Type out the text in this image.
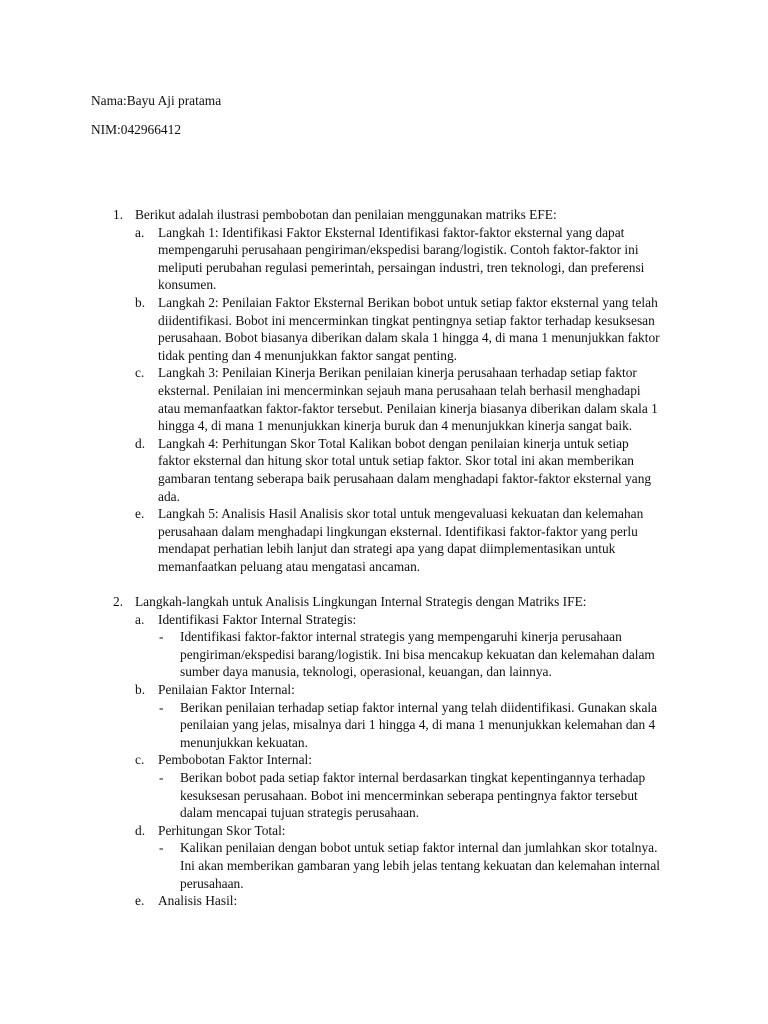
Nama:Bayu Aji pratama
NIM:042966412
1. Berikut adalah ilustrasi pembobotan dan penilaian menggunakan matriks EFE:
a. Langkah 1: Identifikasi Faktor Eksternal Identifikasi faktor-faktor eksternal yang dapat
mempengaruhi perusahaan pengiriman/ekspedisi barang/logistik. Contoh faktor-faktor ini
meliputi perubahan regulasi pemerintah, persaingan industri, tren teknologi, dan preferensi
konsumen.
b. Langkah 2: Penilaian Faktor Eksternal Berikan bobot untuk setiap faktor eksternal yang telah
diidentifikasi. Bobot ini mencerminkan tingkat pentingnya setiap faktor terhadap kesuksesan
perusahaan. Bobot biasanya diberikan dalam skala 1 hingga 4, di mana 1 menunjukkan faktor
tidak penting dan 4 menunjukkan faktor sangat penting.
c. Langkah 3: Penilaian Kinerja Berikan penilaian kinerja perusahaan terhadap setiap faktor
eksternal. Penilaian ini mencerminkan sejauh mana perusahaan telah berhasil menghadapi
atau memanfaatkan faktor-faktor tersebut. Penilaian kinerja biasanya diberikan dalam skala 1
hingga 4, di mana 1 menunjukkan kinerja buruk dan 4 menunjukkan kinerja sangat baik.
d. Langkah 4: Perhitungan Skor Total Kalikan bobot dengan penilaian kinerja untuk setiap
faktor eksternal dan hitung skor total untuk setiap faktor. Skor total ini akan memberikan
gambaran tentang seberapa baik perusahaan dalam menghadapi faktor-faktor eksternal yang
ada.
e. Langkah 5: Analisis Hasil Analisis skor total untuk mengevaluasi kekuatan dan kelemahan
perusahaan dalam menghadapi lingkungan eksternal. Identifikasi faktor-faktor yang perlu
mendapat perhatian lebih lanjut dan strategi apa yang dapat diimplementasikan untuk
memanfaatkan peluang atau mengatasi ancaman.
2. Langkah-langkah untuk Analisis Lingkungan Internal Strategis dengan Matriks IFE:
a. Identifikasi Faktor Internal Strategis:
- Identifikasi faktor-faktor internal strategis yang mempengaruhi kinerja perusahaan
pengiriman/ekspedisi barang/logistik. Ini bisa mencakup kekuatan dan kelemahan dalam
sumber daya manusia, teknologi, operasional, keuangan, dan lainnya.
b. Penilaian Faktor Internal:
- Berikan penilaian terhadap setiap faktor internal yang telah diidentifikasi. Gunakan skala
penilaian yang jelas, misalnya dari 1 hingga 4, di mana 1 menunjukkan kelemahan dan 4
menunjukkan kekuatan.
c. Pembobotan Faktor Internal:
- Berikan bobot pada setiap faktor internal berdasarkan tingkat kepentingannya terhadap
kesuksesan perusahaan. Bobot ini mencerminkan seberapa pentingnya faktor tersebut
dalam mencapai tujuan strategis perusahaan.
d. Perhitungan Skor Total:
- Kalikan penilaian dengan bobot untuk setiap faktor internal dan jumlahkan skor totalnya.
Ini akan memberikan gambaran yang lebih jelas tentang kekuatan dan kelemahan internal
perusahaan.
e. Analisis Hasil:
